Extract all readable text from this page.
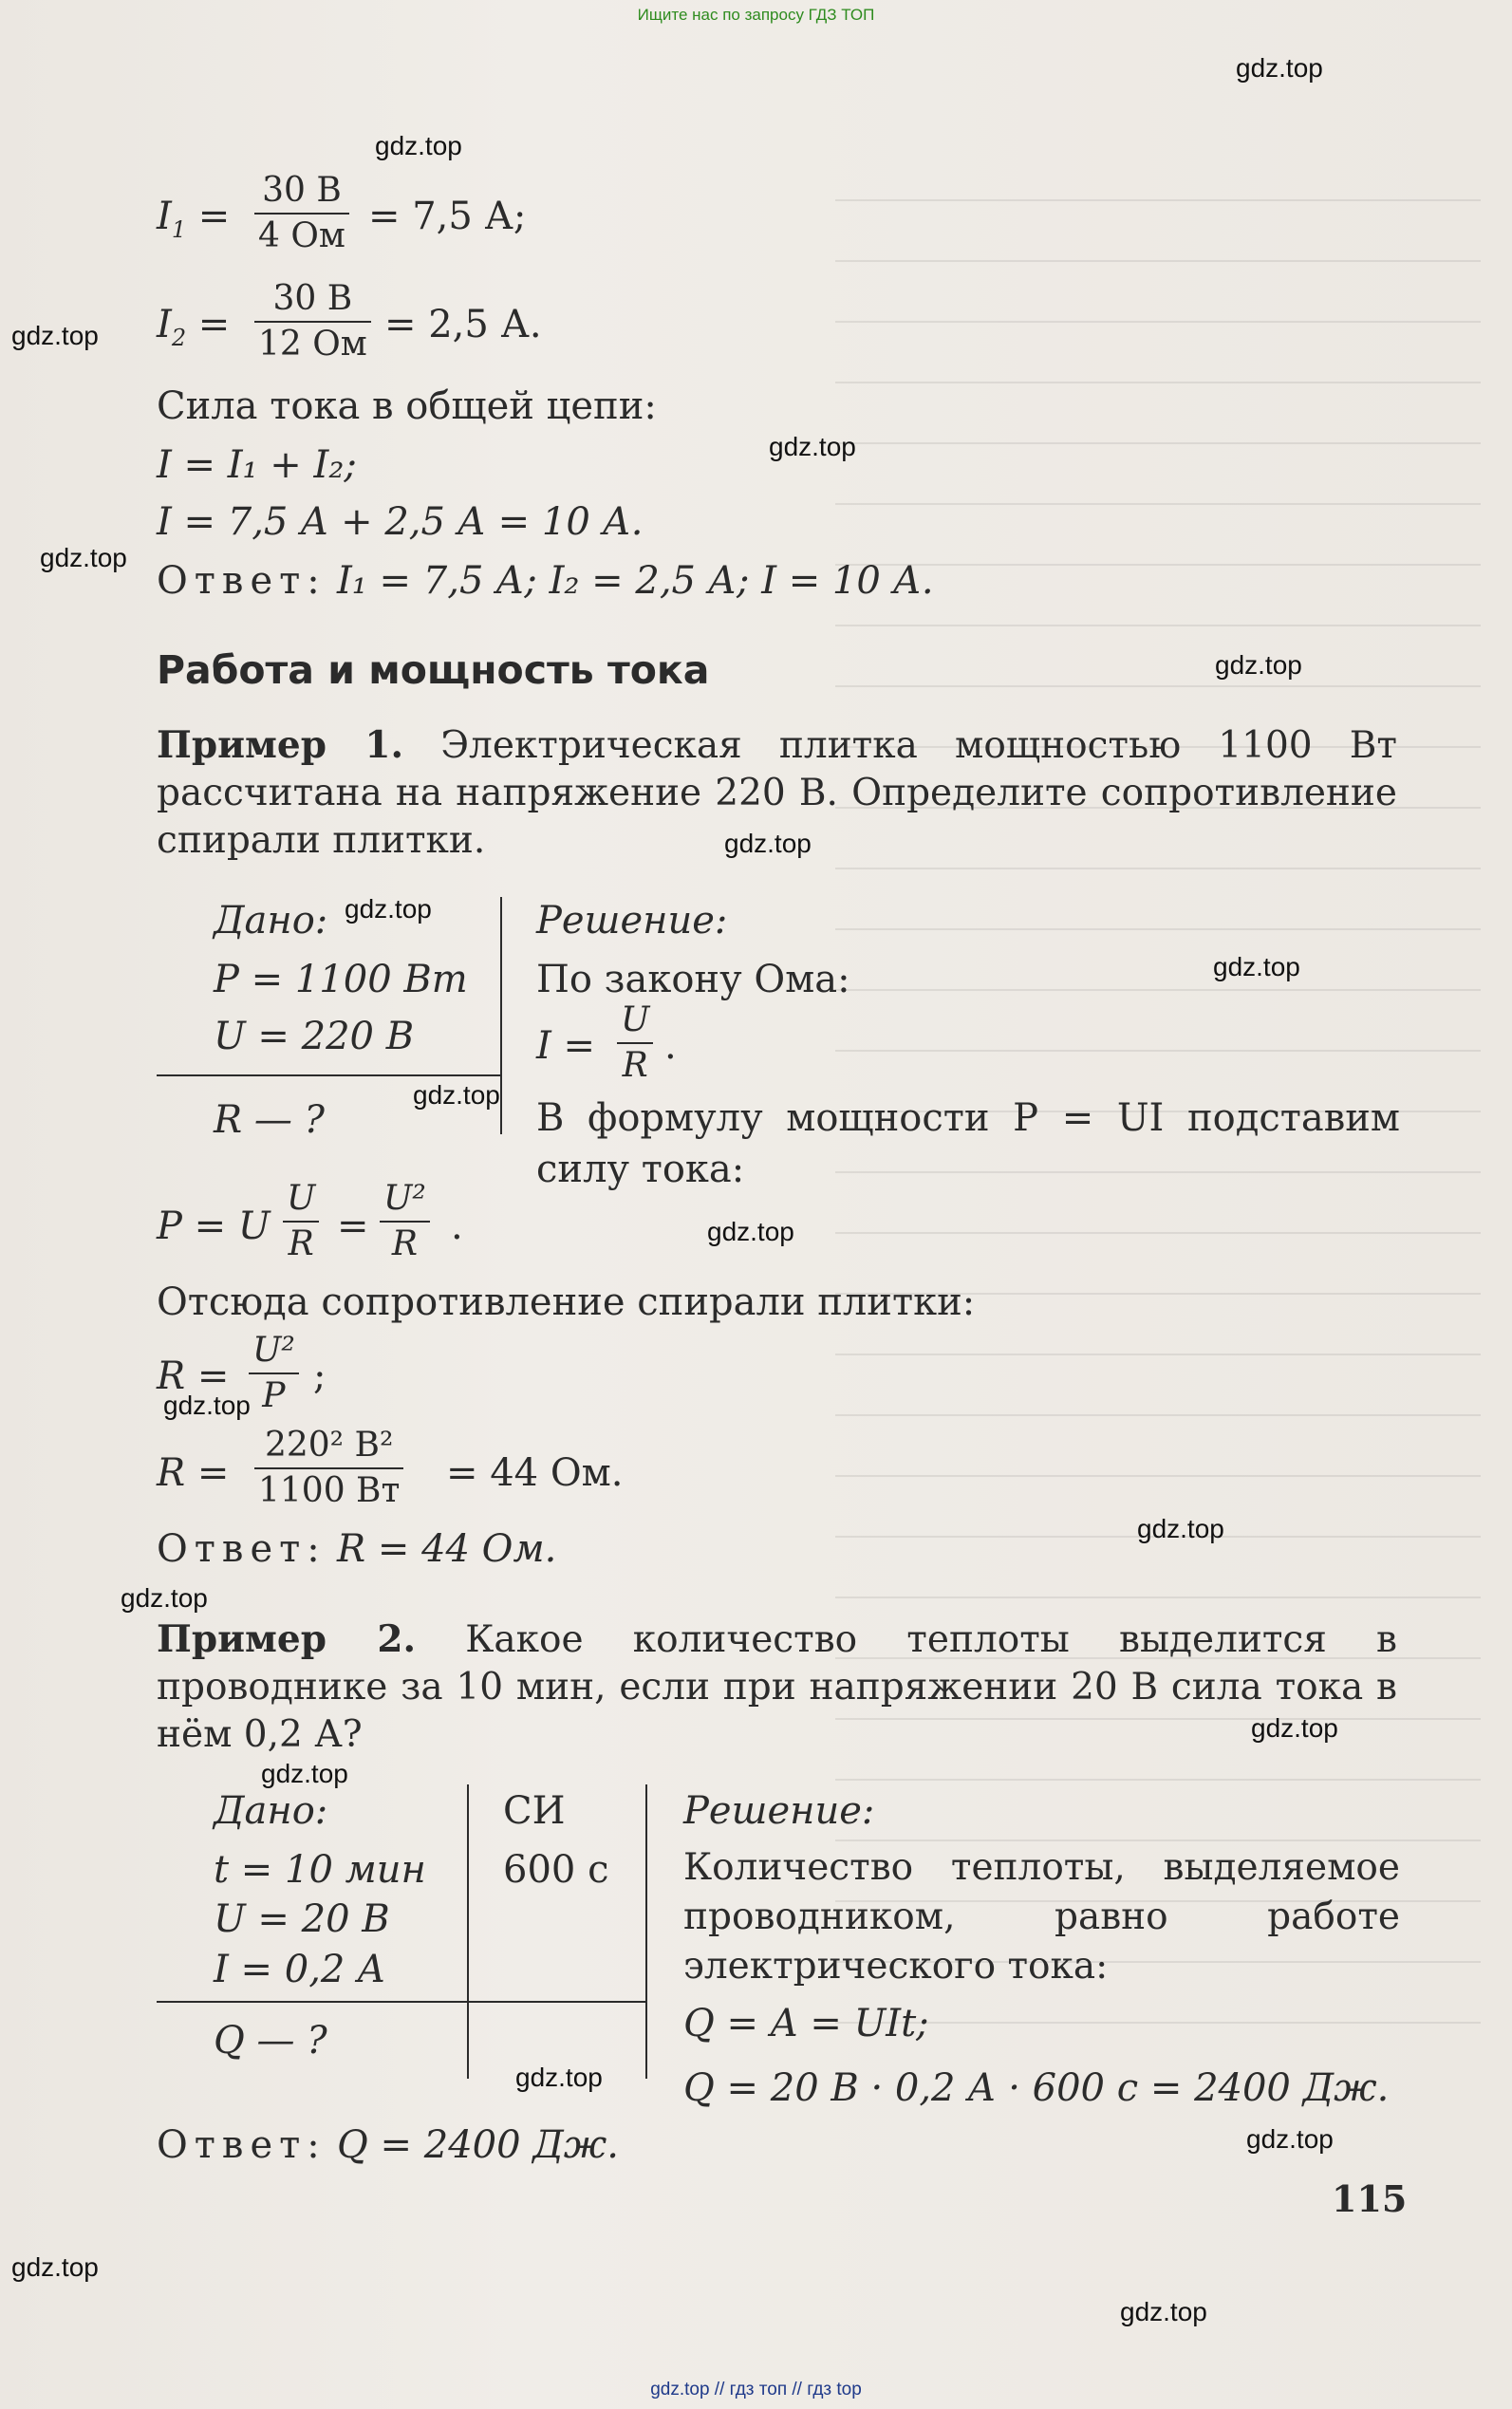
Ищите нас по запросу ГДЗ ТОП
gdz.top
gdz.top
gdz.top
gdz.top
gdz.top
gdz.top
gdz.top
gdz.top
gdz.top
gdz.top
gdz.top
gdz.top
gdz.top
gdz.top
gdz.top
gdz.top
gdz.top
gdz.top
gdz.top
gdz.top
$I_1$ =
30 В
4 Ом = 7,5 А;
$I_2$ =
30 В
12 Ом = 2,5 А.
Сила тока в общей цепи:
I = I₁ + I₂;
I = 7,5 А + 2,5 А = 10 А.
Ответ: I₁ = 7,5 А; I₂ = 2,5 А; I = 10 А.
Работа и мощность тока
Пример 1. Электрическая плитка мощностью 1100 Вт рассчитана на напряжение 220 В. Определите сопротивление спирали плитки.
Дано:
P = 1100 Вт
U = 220 В
R — ?
Решение:
По закону Ома:
$I = \frac{U}{R}$ .
В формулу мощности P = UI подставим
силу тока:
P = U $\frac{U}{R} = \frac{\text{U²}}{R}$ .
Отсюда сопротивление спирали плитки:
$R = \frac{\text{U²}}{P}$ ;
R =
220² В²
1100 Вт = 44 Ом.
Ответ: R = 44 Ом.
Пример 2. Какое количество теплоты выделится в проводнике за 10 мин, если при напряжении 20 В сила тока в нём 0,2 А?
Дано:	СИ
t = 10 мин 600 с
U = 20 В
I = 0,2 А
Q — ?
Решение:
Количество теплоты, выделяемое проводником, равно работе электрического тока:
Q = A = UIt;
Q = 20 В · 0,2 А · 600 с = 2400 Дж.
Ответ: Q = 2400 Дж.
115
gdz.top // гдз топ // гдз top
